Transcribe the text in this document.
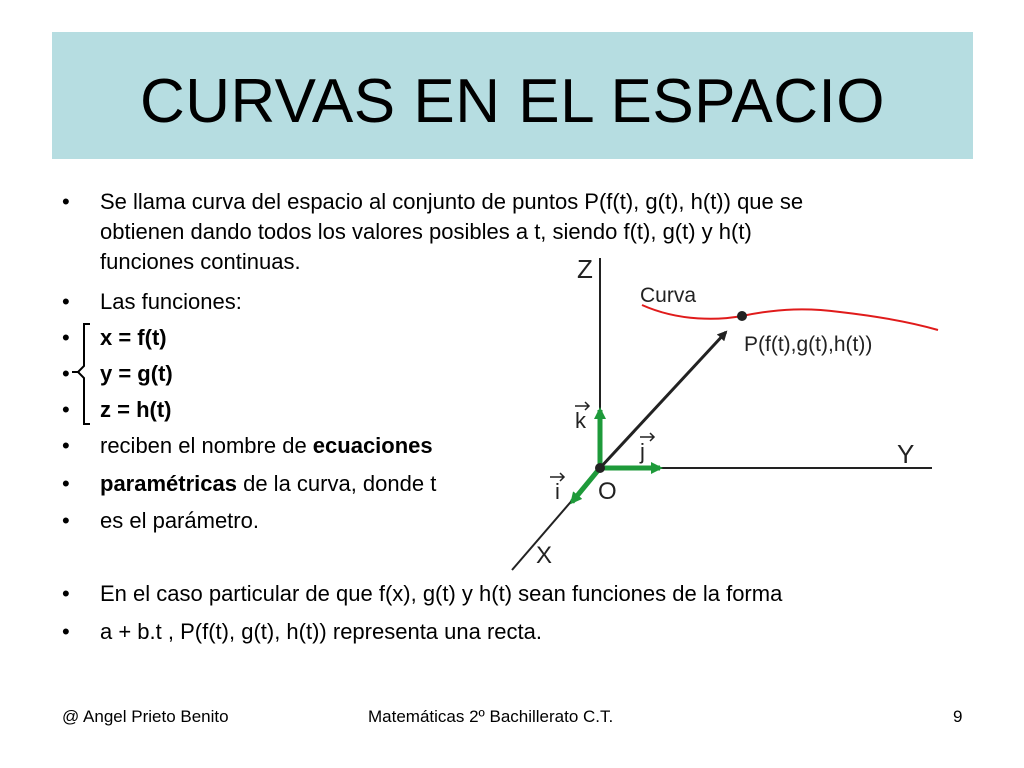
CURVAS EN EL ESPACIO
• Se llama curva del espacio al conjunto de puntos P(f(t), g(t), h(t)) que se
obtienen dando todos los valores posibles a t, siendo f(t), g(t) y h(t)
funciones continuas.
• Las funciones:
• x = f(t)
• y = g(t)
• z = h(t)
• reciben el nombre de ecuaciones
• paramétricas de la curva, donde t
• es el parámetro.
• En el caso particular de que f(x), g(t) y h(t) sean funciones de la forma
• a + b.t , P(f(t), g(t), h(t)) representa una recta.
Z
Y
X
O
Curva
P(f(t),g(t),h(t))
k
j
i
@ Angel Prieto Benito	Matemáticas 2º Bachillerato C.T.	9
